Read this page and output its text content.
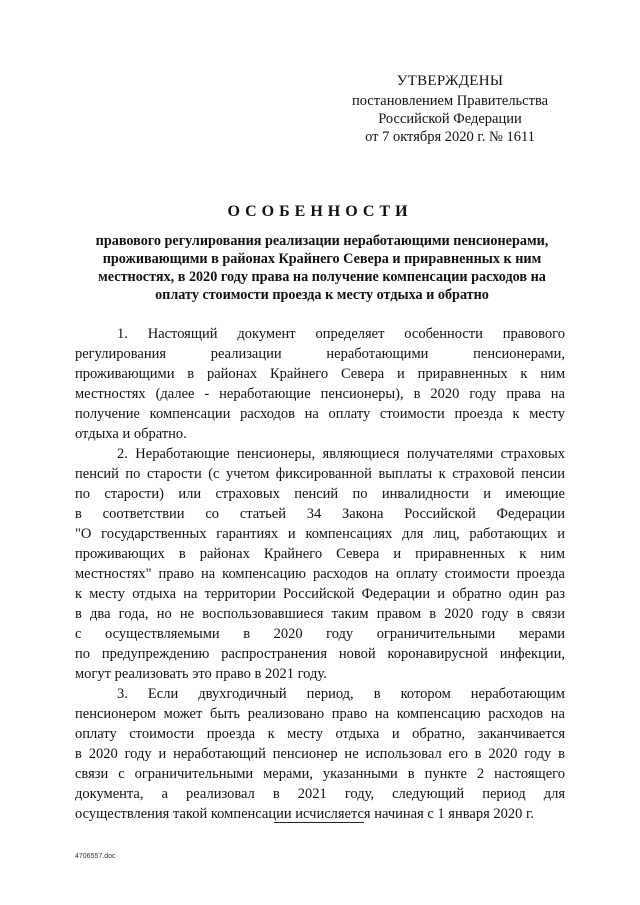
УТВЕРЖДЕНЫ
постановлением Правительства
Российской Федерации
от 7 октября 2020 г. № 1611
ОСОБЕННОСТИ
правового регулирования реализации неработающими пенсионерами,
проживающими в районах Крайнего Севера и приравненных к ним
местностях, в 2020 году права на получение компенсации расходов на
оплату стоимости проезда к месту отдыха и обратно
1. Настоящий документ определяет особенности правового
регулирования реализации неработающими пенсионерами,
проживающими в районах Крайнего Севера и приравненных к ним
местностях (далее - неработающие пенсионеры), в 2020 году права на
получение компенсации расходов на оплату стоимости проезда к месту
отдыха и обратно.
2. Неработающие пенсионеры, являющиеся получателями страховых
пенсий по старости (с учетом фиксированной выплаты к страховой пенсии
по старости) или страховых пенсий по инвалидности и имеющие
в соответствии со статьей 34 Закона Российской Федерации
"О государственных гарантиях и компенсациях для лиц, работающих и
проживающих в районах Крайнего Севера и приравненных к ним
местностях" право на компенсацию расходов на оплату стоимости проезда
к месту отдыха на территории Российской Федерации и обратно один раз
в два года, но не воспользовавшиеся таким правом в 2020 году в связи
с осуществляемыми в 2020 году ограничительными мерами
по предупреждению распространения новой коронавирусной инфекции,
могут реализовать это право в 2021 году.
3. Если двухгодичный период, в котором неработающим
пенсионером может быть реализовано право на компенсацию расходов на
оплату стоимости проезда к месту отдыха и обратно, заканчивается
в 2020 году и неработающий пенсионер не использовал его в 2020 году в
связи с ограничительными мерами, указанными в пункте 2 настоящего
документа, а реализовал в 2021 году, следующий период для
осуществления такой компенсации исчисляется начиная с 1 января 2020 г.
4706557.doc
